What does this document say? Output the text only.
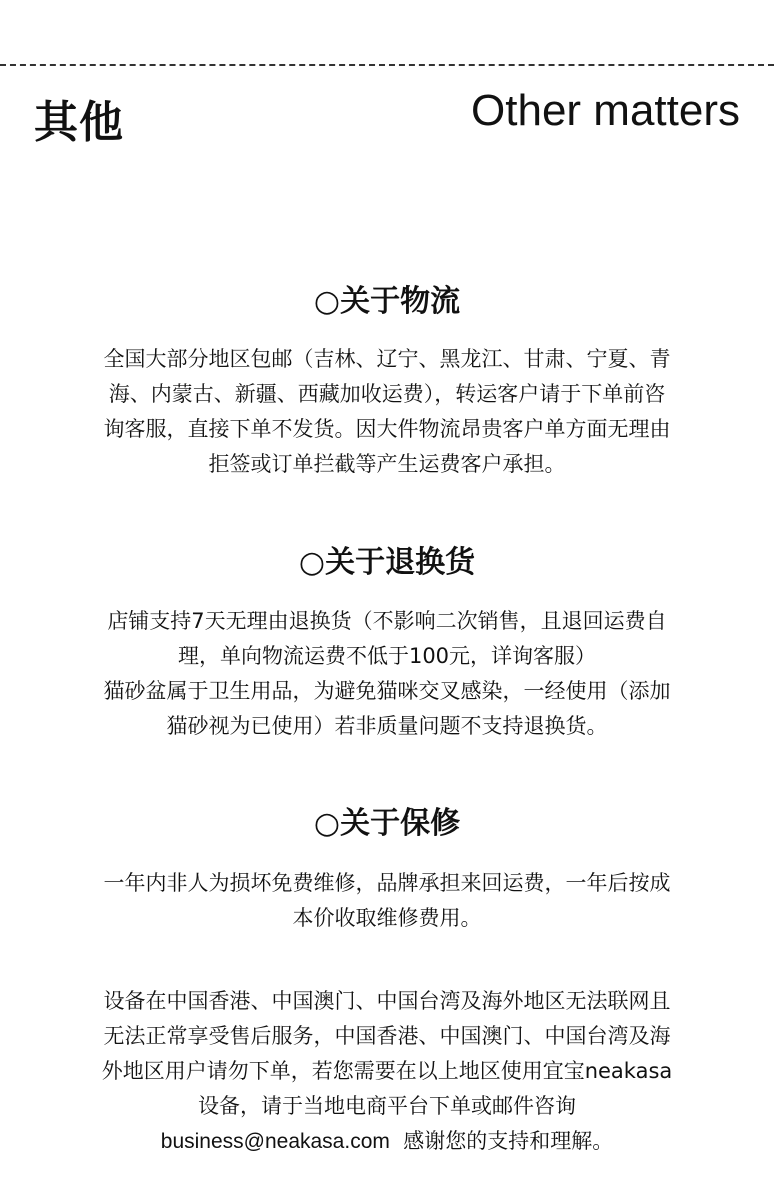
其他	Other matters
○关于物流
全国大部分地区包邮（吉林、辽宁、黑龙江、甘肃、宁夏、青
海、内蒙古、新疆、西藏加收运费），转运客户请于下单前咨
询客服，直接下单不发货。因大件物流昂贵客户单方面无理由
拒签或订单拦截等产生运费客户承担。
○关于退换货
店铺支持7天无理由退换货（不影响二次销售，且退回运费自
理，单向物流运费不低于100元，详询客服）
猫砂盆属于卫生用品，为避免猫咪交叉感染，一经使用（添加
猫砂视为已使用）若非质量问题不支持退换货。
○关于保修
一年内非人为损坏免费维修，品牌承担来回运费，一年后按成
本价收取维修费用。
设备在中国香港、中国澳门、中国台湾及海外地区无法联网且
无法正常享受售后服务，中国香港、中国澳门、中国台湾及海
外地区用户请勿下单，若您需要在以上地区使用宜宝neakasa
设备，请于当地电商平台下单或邮件咨询
business@neakasa.com 感谢您的支持和理解。
